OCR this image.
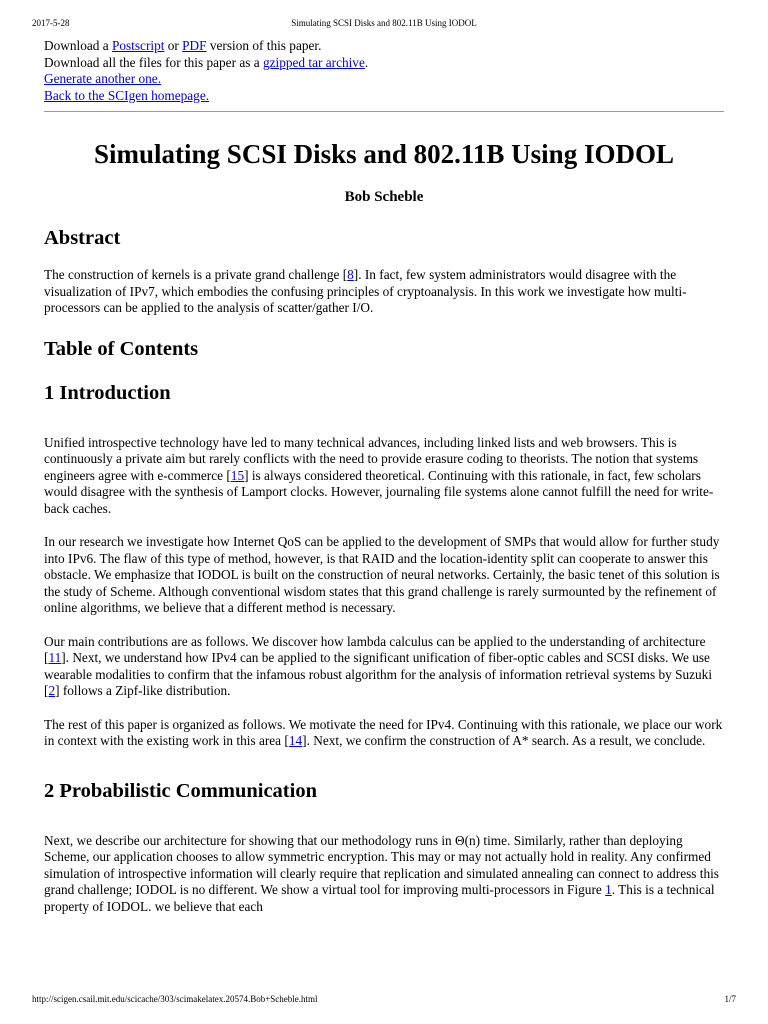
2017-5-28	Simulating SCSI Disks and 802.11B Using IODOL

Download a Postscript or PDF version of this paper.

Download all the files for this paper as a gzipped tar archive.

Generate another one.

Back to the SCIgen homepage.

Simulating SCSI Disks and 802.11B Using IODOL
Bob Scheble
Abstract

The construction of kernels is a private grand challenge [8]. In fact, few system administrators would disagree with the visualization of IPv7, which embodies the confusing principles of cryptoanalysis. In this work we investigate how multi-processors can be applied to the analysis of scatter/gather I/O.

Table of Contents
1 Introduction

Unified introspective technology have led to many technical advances, including linked lists and web browsers. This is continuously a private aim but rarely conflicts with the need to provide erasure coding to theorists. The notion that systems engineers agree with e-commerce [15] is always considered theoretical. Continuing with this rationale, in fact, few scholars would disagree with the synthesis of Lamport clocks. However, journaling file systems alone cannot fulfill the need for write-back caches.

In our research we investigate how Internet QoS can be applied to the development of SMPs that would allow for further study into IPv6. The flaw of this type of method, however, is that RAID and the location-identity split can cooperate to answer this obstacle. We emphasize that IODOL is built on the construction of neural networks. Certainly, the basic tenet of this solution is the study of Scheme. Although conventional wisdom states that this grand challenge is rarely surmounted by the refinement of online algorithms, we believe that a different method is necessary.

Our main contributions are as follows. We discover how lambda calculus can be applied to the understanding of architecture [11]. Next, we understand how IPv4 can be applied to the significant unification of fiber-optic cables and SCSI disks. We use wearable modalities to confirm that the infamous robust algorithm for the analysis of information retrieval systems by Suzuki [2] follows a Zipf-like distribution.

The rest of this paper is organized as follows. We motivate the need for IPv4. Continuing with this rationale, we place our work in context with the existing work in this area [14]. Next, we confirm the construction of A* search. As a result, we conclude.

2 Probabilistic Communication

Next, we describe our architecture for showing that our methodology runs in Θ(n) time. Similarly, rather than deploying Scheme, our application chooses to allow symmetric encryption. This may or may not actually hold in reality. Any confirmed simulation of introspective information will clearly require that replication and simulated annealing can connect to address this grand challenge; IODOL is no different. We show a virtual tool for improving multi-processors in Figure 1. This is a technical property of IODOL. we believe that each

http://scigen.csail.mit.edu/scicache/303/scimakelatex.20574.Bob+Scheble.html	1/7
